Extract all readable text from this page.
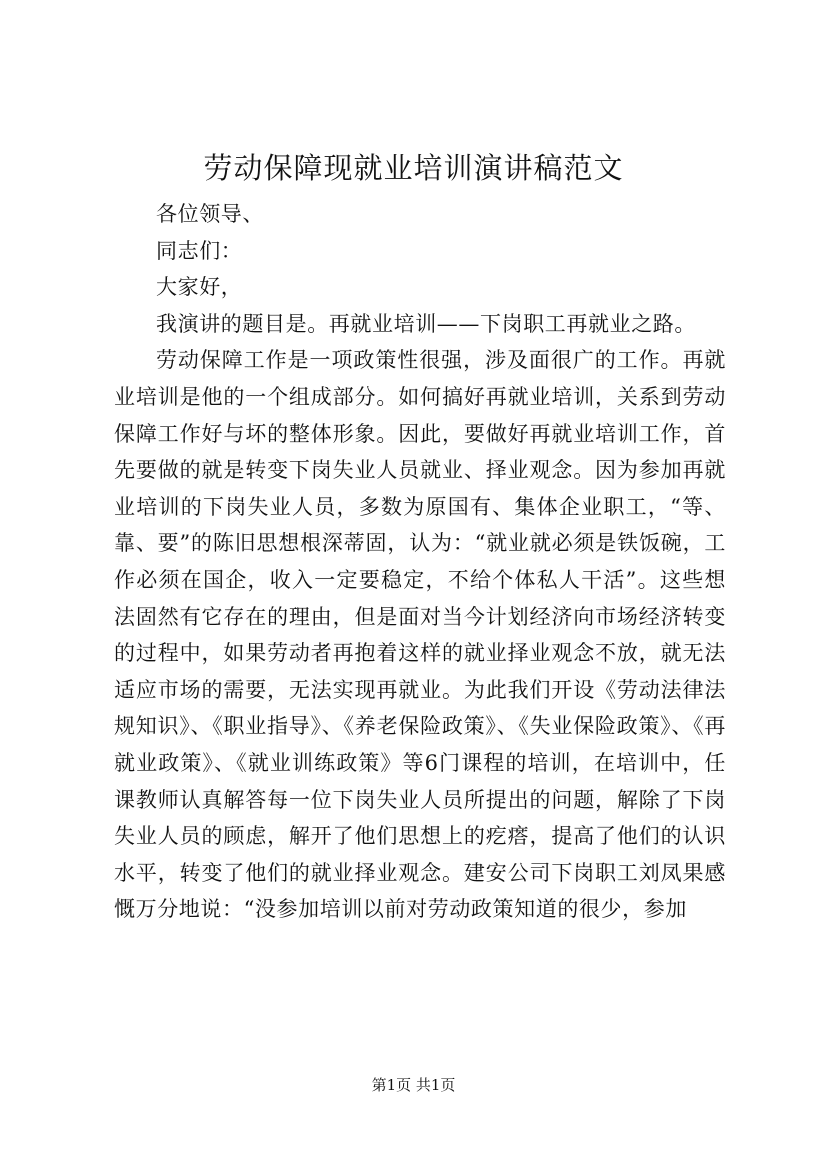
劳动保障现就业培训演讲稿范文

各位领导、

同志们：

大家好，

我演讲的题目是。再就业培训——下岗职工再就业之路。

劳动保障工作是一项政策性很强，涉及面很广的工作。再就业培训是他的一个组成部分。如何搞好再就业培训，关系到劳动保障工作好与坏的整体形象。因此，要做好再就业培训工作，首先要做的就是转变下岗失业人员就业、择业观念。因为参加再就业培训的下岗失业人员，多数为原国有、集体企业职工，“等、靠、要”的陈旧思想根深蒂固，认为：“就业就必须是铁饭碗，工作必须在国企，收入一定要稳定，不给个体私人干活”。这些想法固然有它存在的理由，但是面对当今计划经济向市场经济转变的过程中，如果劳动者再抱着这样的就业择业观念不放，就无法适应市场的需要，无法实现再就业。为此我们开设《劳动法律法规知识》、《职业指导》、《养老保险政策》、《失业保险政策》、《再就业政策》、《就业训练政策》等6门课程的培训，在培训中，任课教师认真解答每一位下岗失业人员所提出的问题，解除了下岗失业人员的顾虑，解开了他们思想上的疙瘩，提高了他们的认识水平，转变了他们的就业择业观念。建安公司下岗职工刘凤果感慨万分地说：“没参加培训以前对劳动政策知道的很少，参加

第1页 共1页
